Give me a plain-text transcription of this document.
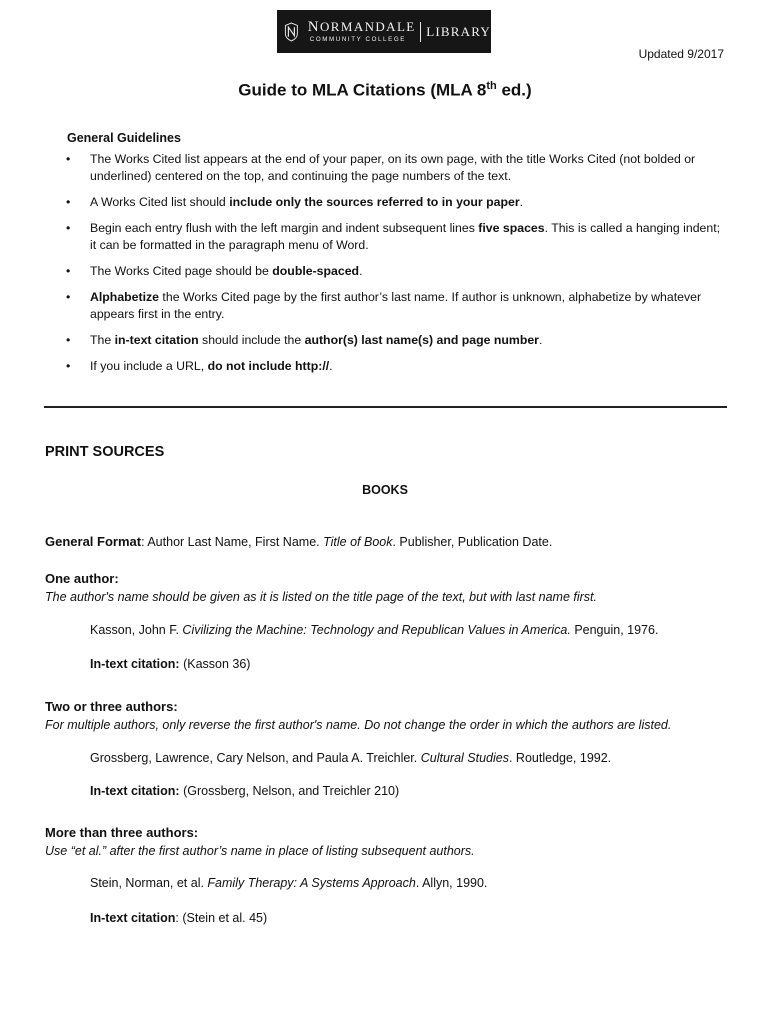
NORMANDALE
COMMUNITY COLLEGE
LIBRARY
Updated 9/2017
Guide to MLA Citations (MLA 8th ed.)
General Guidelines
• The Works Cited list appears at the end of your paper, on its own page, with the title Works Cited (not bolded or underlined) centered on the top, and continuing the page numbers of the text.
• A Works Cited list should include only the sources referred to in your paper.
• Begin each entry flush with the left margin and indent subsequent lines five spaces. This is called a hanging indent; it can be formatted in the paragraph menu of Word.
• The Works Cited page should be double-spaced.
• Alphabetize the Works Cited page by the first author’s last name. If author is unknown, alphabetize by whatever appears first in the entry.
• The in-text citation should include the author(s) last name(s) and page number.
• If you include a URL, do not include http://.
PRINT SOURCES
BOOKS
General Format: Author Last Name, First Name. Title of Book. Publisher, Publication Date.
One author:
The author's name should be given as it is listed on the title page of the text, but with last name first.
Kasson, John F. Civilizing the Machine: Technology and Republican Values in America. Penguin, 1976.
In-text citation: (Kasson 36)
Two or three authors:
For multiple authors, only reverse the first author's name. Do not change the order in which the authors are listed.
Grossberg, Lawrence, Cary Nelson, and Paula A. Treichler. Cultural Studies. Routledge, 1992.
In-text citation: (Grossberg, Nelson, and Treichler 210)
More than three authors:
Use “et al.” after the first author’s name in place of listing subsequent authors.
Stein, Norman, et al. Family Therapy: A Systems Approach. Allyn, 1990.
In-text citation: (Stein et al. 45)
